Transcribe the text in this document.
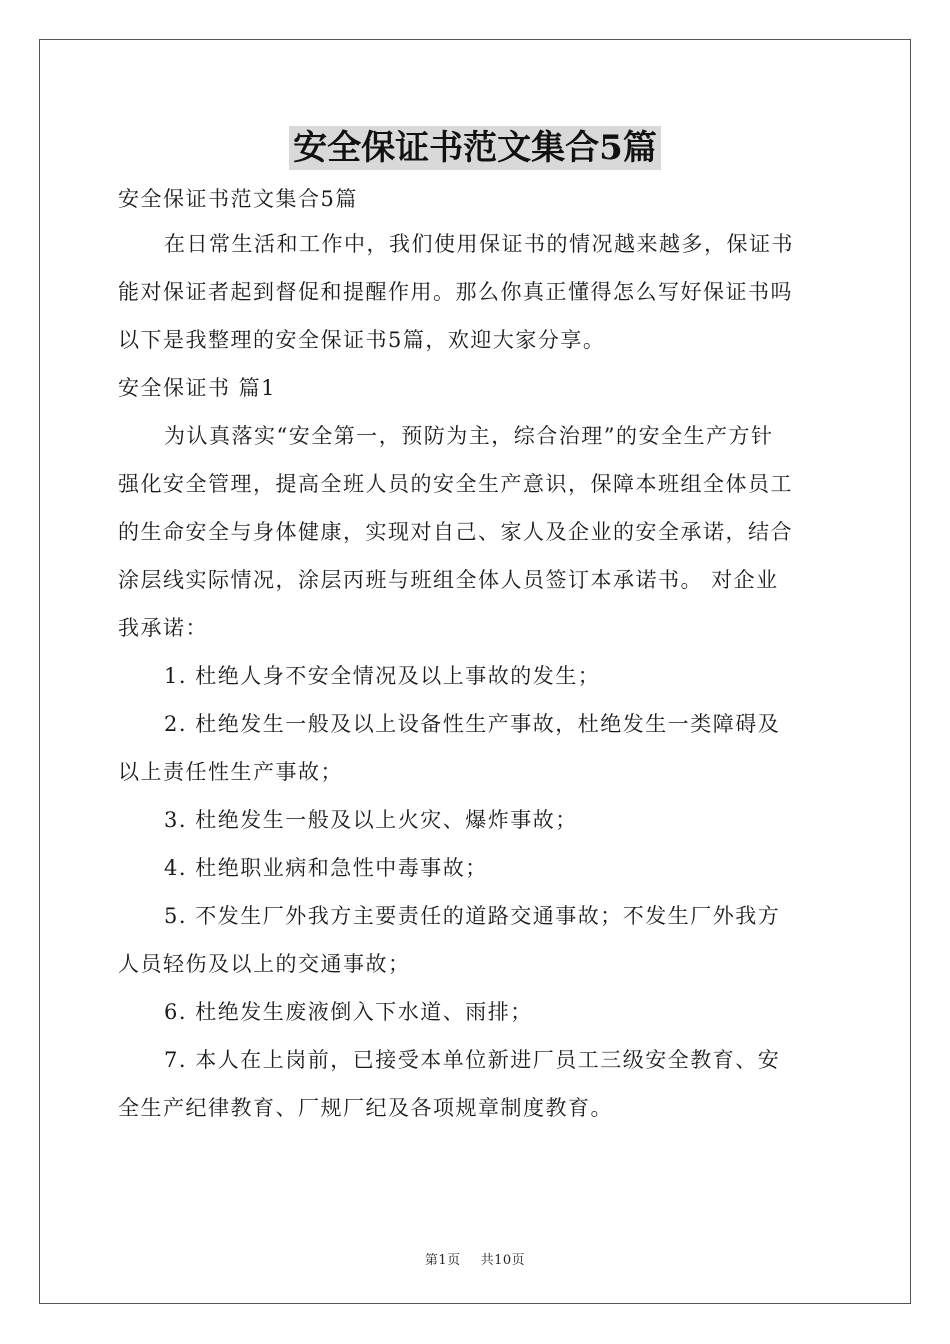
安全保证书范文集合5篇
安全保证书范文集合5篇
在日常生活和工作中，我们使用保证书的情况越来越多，保证书
能对保证者起到督促和提醒作用。那么你真正懂得怎么写好保证书吗
以下是我整理的安全保证书5篇，欢迎大家分享。
安全保证书 篇1
为认真落实“安全第一，预防为主，综合治理”的安全生产方针
强化安全管理，提高全班人员的安全生产意识，保障本班组全体员工
的生命安全与身体健康，实现对自己、家人及企业的安全承诺，结合
涂层线实际情况，涂层丙班与班组全体人员签订本承诺书。 对企业
我承诺：
1. 杜绝人身不安全情况及以上事故的发生；
2. 杜绝发生一般及以上设备性生产事故，杜绝发生一类障碍及
以上责任性生产事故；
3. 杜绝发生一般及以上火灾、爆炸事故；
4. 杜绝职业病和急性中毒事故；
5. 不发生厂外我方主要责任的道路交通事故；不发生厂外我方
人员轻伤及以上的交通事故；
6. 杜绝发生废液倒入下水道、雨排；
7. 本人在上岗前，已接受本单位新进厂员工三级安全教育、安
全生产纪律教育、厂规厂纪及各项规章制度教育。
第1页 共10页
